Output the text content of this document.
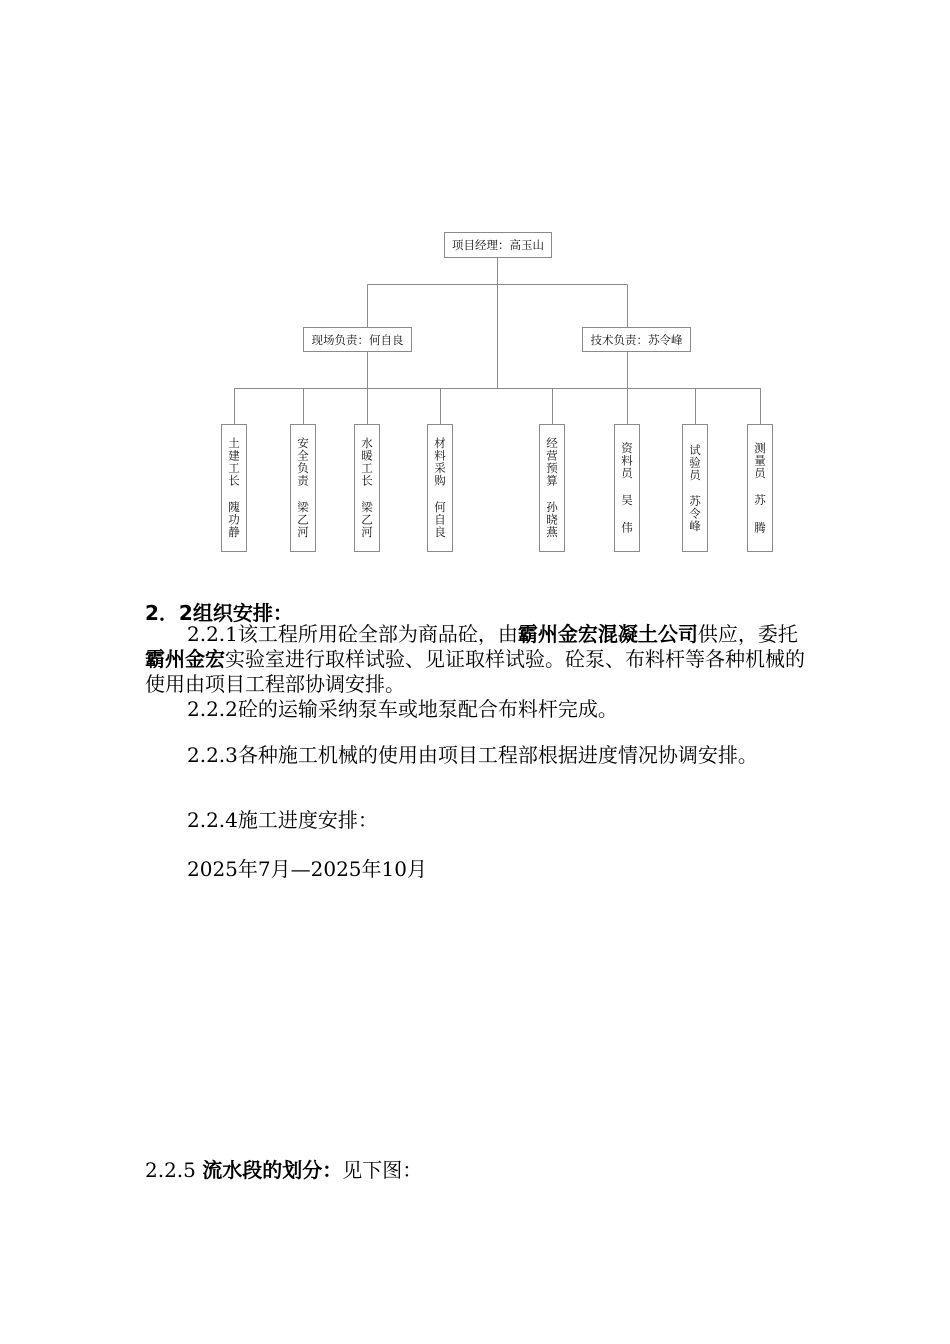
项目经理：高玉山
现场负责：何自良	技术负责：苏令峰
土建工长
隗功静
安全负责
梁乙河
水暖工长
梁乙河
材料采购
何自良
经营预算
孙晓燕
资料员
吴 伟
试验员
苏令峰
测量员
苏 腾
2．2组织安排：
2.2.1该工程所用砼全部为商品砼，由霸州金宏混凝土公司供应，委托霸州金宏实验室进行取样试验、见证取样试验。砼泵、布料杆等各种机械的使用由项目工程部协调安排。
2.2.2砼的运输采纳泵车或地泵配合布料杆完成。
2.2.3各种施工机械的使用由项目工程部根据进度情况协调安排。
2.2.4施工进度安排：
2025年7月—2025年10月
2.2.5 流水段的划分：见下图：
